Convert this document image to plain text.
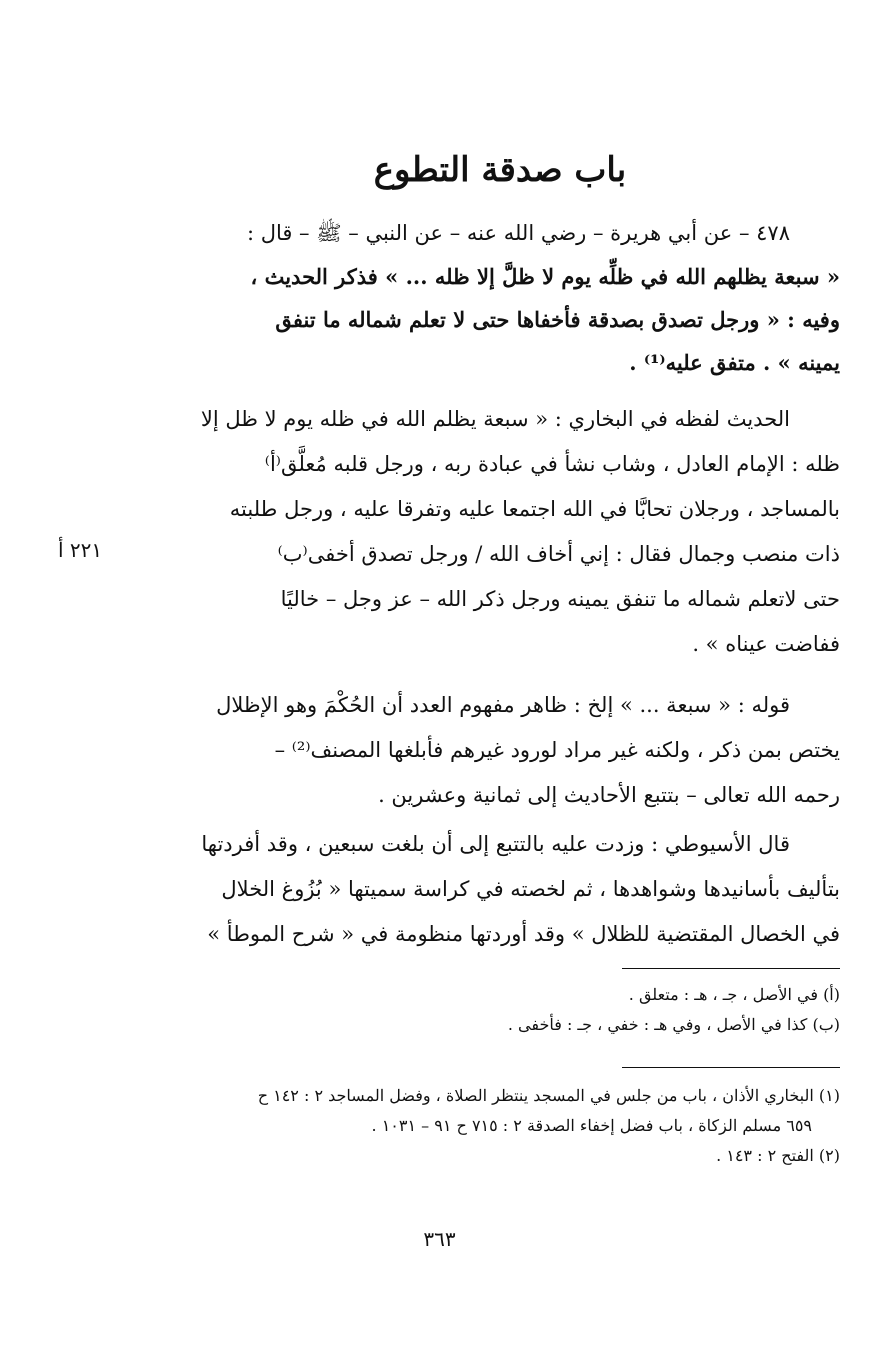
باب صدقة التطوع
٤٧٨ – عن أبي هريرة – رضي الله عنه – عن النبي – ﷺ – قال :
« سبعة يظلهم الله في ظلِّه يوم لا ظلَّ إلا ظله ... » فذكر الحديث ،
وفيه : « ورجل تصدق بصدقة فأخفاها حتى لا تعلم شماله ما تنفق
يمينه » . متفق عليه⁽¹⁾ .
الحديث لفظه في البخاري : « سبعة يظلم الله في ظله يوم لا ظل إلا
ظله : الإمام العادل ، وشاب نشأ في عبادة ربه ، ورجل قلبه مُعلَّق⁽أ⁾
بالمساجد ، ورجلان تحابَّا في الله اجتمعا عليه وتفرقا عليه ، ورجل طلبته
ذات منصب وجمال فقال : إني أخاف الله / ورجل تصدق أخفى⁽ب⁾
حتى لاتعلم شماله ما تنفق يمينه ورجل ذكر الله – عز وجل – خاليًا
ففاضت عيناه » .
٢٢١ أ
قوله : « سبعة ... » إلخ : ظاهر مفهوم العدد أن الحُكْمَ وهو الإظلال
يختص بمن ذكر ، ولكنه غير مراد لورود غيرهم فأبلغها المصنف⁽²⁾ –
رحمه الله تعالى – بتتبع الأحاديث إلى ثمانية وعشرين .
قال الأسيوطي : وزدت عليه بالتتبع إلى أن بلغت سبعين ، وقد أفردتها
بتأليف بأسانيدها وشواهدها ، ثم لخصته في كراسة سميتها « بُزُوغ الخلال
في الخصال المقتضية للظلال » وقد أوردتها منظومة في « شرح الموطأ »
(أ) في الأصل ، جـ ، هـ : متعلق .
(ب) كذا في الأصل ، وفي هـ : خفي ، جـ : فأخفى .
(١) البخاري الأذان ، باب من جلس في المسجد ينتظر الصلاة ، وفضل المساجد ٢ : ١٤٢ ح
٦٥٩ مسلم الزكاة ، باب فضل إخفاء الصدقة ٢ : ٧١٥ ح ٩١ – ١٠٣١ .
(٢) الفتح ٢ : ١٤٣ .
٣٦٣
